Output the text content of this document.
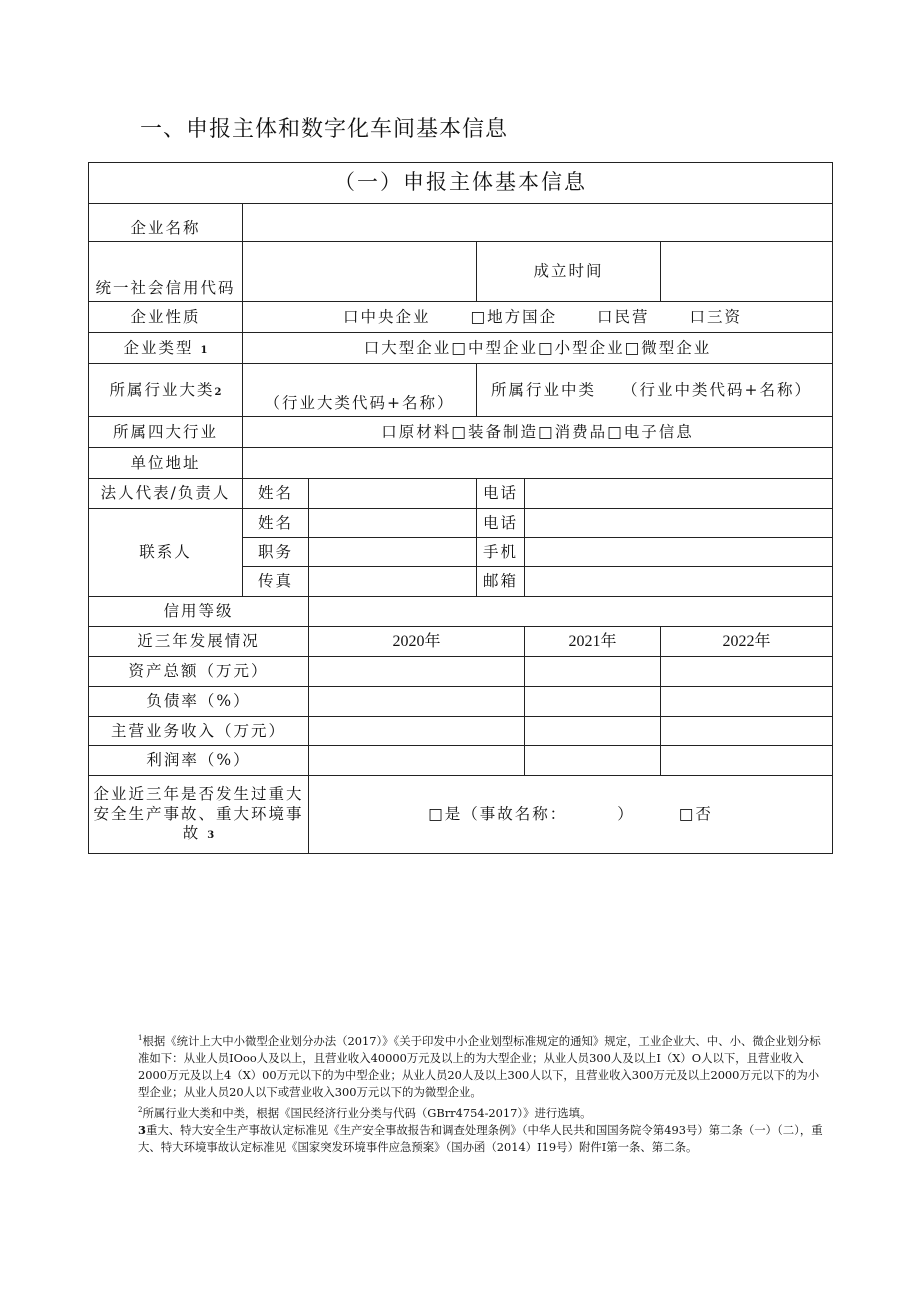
一、申报主体和数字化车间基本信息
（一）申报主体基本信息					
企业名称					
统一社会信用代码			成立时间		
企业性质	口中央企业 □地方国企 口民营 口三资				

企业类型 1	口大型企业□中型企业□小型企业□微型企业				
所属行业大类2	（行业大类代码+名称）		所属行业中类 （行业中类代码+名称）		

所属四大行业	口原材料□装备制造□消费品□电子信息				
单位地址					
法人代表/负责人	姓名		电话		
联系人	姓名		电话		
	职务		手机		
	传真		邮箱		
信用等级					
近三年发展情况		2020年		2021年	2022年
资产总额（万元）					
负债率（%）					
主营业务收入（万元）					
利润率（%）					
企业近三年是否发生过重大安全生产事故、重大环境事故 3		□是（事故名称： ） □否			

$^1$根据《统计上大中小微型企业划分办法（2017）》《关于印发中小企业划型标准规定的通知》规定，工业企业大、中、小、微企业划分标准如下：从业人员IOoo人及以上，且营业收入40000万元及以上的为大型企业；从业人员300人及以上I（X）O人以下，且营业收入2000万元及以上4（X）00万元以下的为中型企业；从业人员20人及以上300人以下，且营业收入300万元及以上2000万元以下的为小型企业；从业人员20人以下或营业收入300万元以下的为微型企业。

$^2$所属行业大类和中类，根据《国民经济行业分类与代码（GBrr4754-2017）》进行选填。

3重大、特大安全生产事故认定标准见《生产安全事故报告和调查处理条例》（中华人民共和国国务院令第493号）第二条（一）（二），重大、特大环境事故认定标准见《国家突发环境事件应急预案》（国办函（2014）I19号）附件I第一条、第二条。
